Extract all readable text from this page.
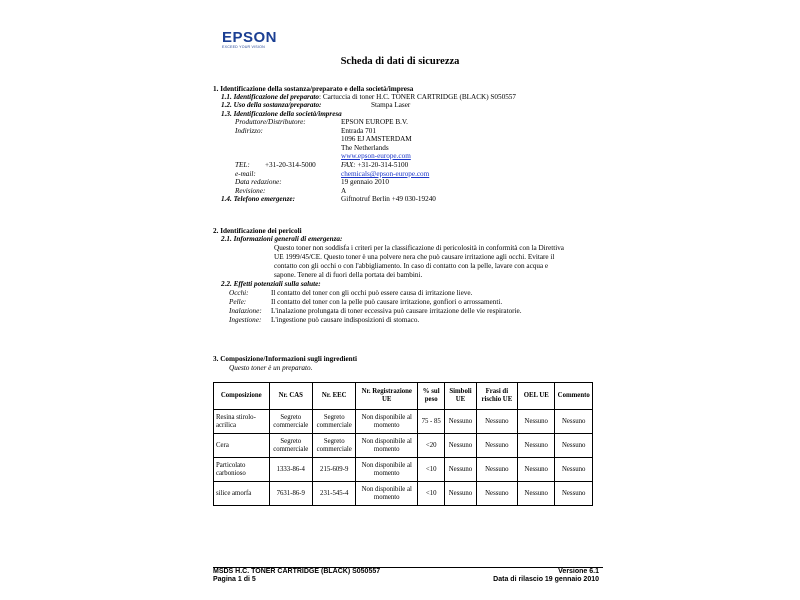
EPSON
EXCEED YOUR VISION
Scheda di dati di sicurezza
1. Identificazione della sostanza/preparato e della società/impresa
1.1. Identificazione del preparato: Cartuccia di toner H.C. TONER CARTRIDGE (BLACK) S050557
1.2. Uso della sostanza/preparato:	Stampa Laser
1.3. Identificazione della società/impresa
Produttore/Distributore:	EPSON EUROPE B.V.
Indirizzo:	Entrada 701
1096 EJ AMSTERDAM
The Netherlands
www.epson-europe.com
TEL: +31-20-314-5000	FAX: +31-20-314-5100
e-mail:	chemicals@epson-europe.com
Data redazione:	19 gennaio 2010
Revisione:	A
1.4. Telefono emergenze:	Giftnotruf Berlin +49 030-19240
2. Identificazione dei pericoli
2.1. Informazioni generali di emergenza:
Questo toner non soddisfa i criteri per la classificazione di pericolosità in conformità con la Direttiva
UE 1999/45/CE. Questo toner è una polvere nera che può causare irritazione agli occhi. Evitare il
contatto con gli occhi o con l'abbigliamento. In caso di contatto con la pelle, lavare con acqua e
sapone. Tenere al di fuori della portata dei bambini.
2.2. Effetti potenziali sulla salute:
Occhi:	Il contatto del toner con gli occhi può essere causa di irritazione lieve.
Pelle:	Il contatto del toner con la pelle può causare irritazione, gonfiori o arrossamenti.
Inalazione: L'inalazione prolungata di toner eccessiva può causare irritazione delle vie respiratorie.
Ingestione: L'ingestione può causare indisposizioni di stomaco.
3. Composizione/Informazioni sugli ingredienti
Questo toner è un preparato.
Composizione	Nr. CAS	Nr. EEC	Nr. Registrazione UE	% sul peso	Simboli UE	Frasi di rischio UE	OEL UE	Commento
Resina stirolo-acrilica	Segreto commerciale	Segreto commerciale	Non disponibile al momento	75 - 85	Nessuno	Nessuno	Nessuno	Nessuno
Cera	Segreto commerciale	Segreto commerciale	Non disponibile al momento	<20	Nessuno	Nessuno	Nessuno	Nessuno
Particolato carbonioso	1333-86-4	215-609-9	Non disponibile al momento	<10	Nessuno	Nessuno	Nessuno	Nessuno
silice amorfa	7631-86-9	231-545-4	Non disponibile al momento	<10	Nessuno	Nessuno	Nessuno	Nessuno
MSDS H.C. TONER CARTRIDGE (BLACK) S050557
Pagina 1 di 5
Versione 6.1
Data di rilascio 19 gennaio 2010
